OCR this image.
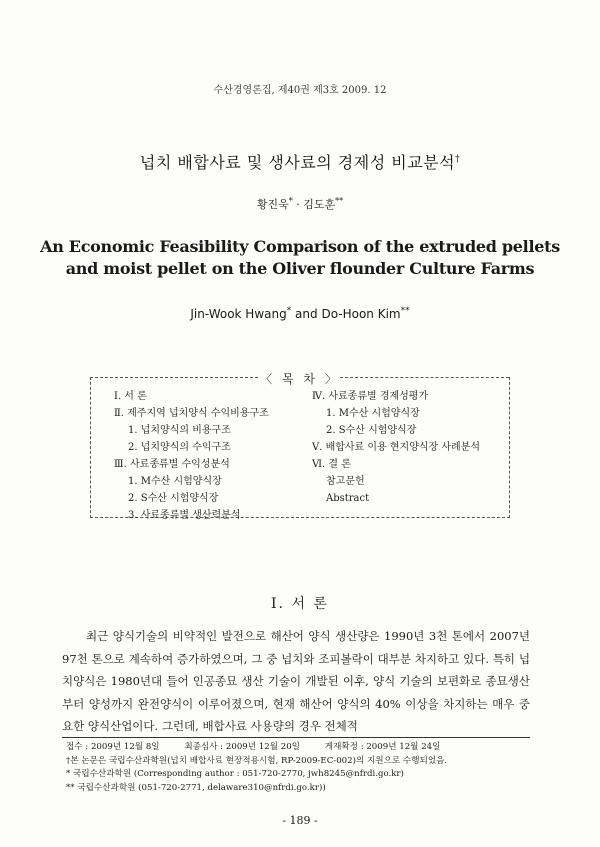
수산경영론집, 제40권 제3호 2009. 12
넙치 배합사료 및 생사료의 경제성 비교분석†
황진욱* · 김도훈**
An Economic Feasibility Comparison of the extruded pellets
and moist pellet on the Oliver flounder Culture Farms
Jin-Wook Hwang* and Do-Hoon Kim**
〈 목 차 〉
Ⅰ. 서 론
Ⅱ. 제주지역 넙치양식 수익비용구조
1. 넙치양식의 비용구조
2. 넙치양식의 수익구조
Ⅲ. 사료종류별 수익성분석
1. M수산 시험양식장
2. S수산 시험양식장
3. 사료종류별 생산력분석
Ⅳ. 사료종류별 경제성평가
1. M수산 시험양식장
2. S수산 시험양식장
Ⅴ. 배합사료 이용 현지양식장 사례분석
Ⅵ. 결 론
참고문헌
Abstract
Ⅰ. 서 론

최근 양식기술의 비약적인 발전으로 해산어 양식 생산량은 1990년 3천 톤에서 2007년 97천 톤으로 계속하여 증가하였으며, 그 중 넙치와 조피볼락이 대부분 차지하고 있다. 특히 넙치양식은 1980년대 들어 인공종묘 생산 기술이 개발된 이후, 양식 기술의 보편화로 종묘생산부터 양성까지 완전양식이 이루어졌으며, 현재 해산어 양식의 40% 이상을 차지하는 매우 중요한 양식산업이다. 그런데, 배합사료 사용량의 경우 전체적

접수 : 2009년 12월 8일	최종심사 : 2009년 12월 20일	게재확정 : 2009년 12월 24일
†본 논문은 국립수산과학원(넙치 배합사료 현장적용시험, RP-2009-EC-002)의 지원으로 수행되었음.
* 국립수산과학원 (Corresponding author : 051-720-2770, jwh8245@nfrdi.go.kr)
** 국립수산과학원 (051-720-2771, delaware310@nfrdi.go.kr))
- 189 -
